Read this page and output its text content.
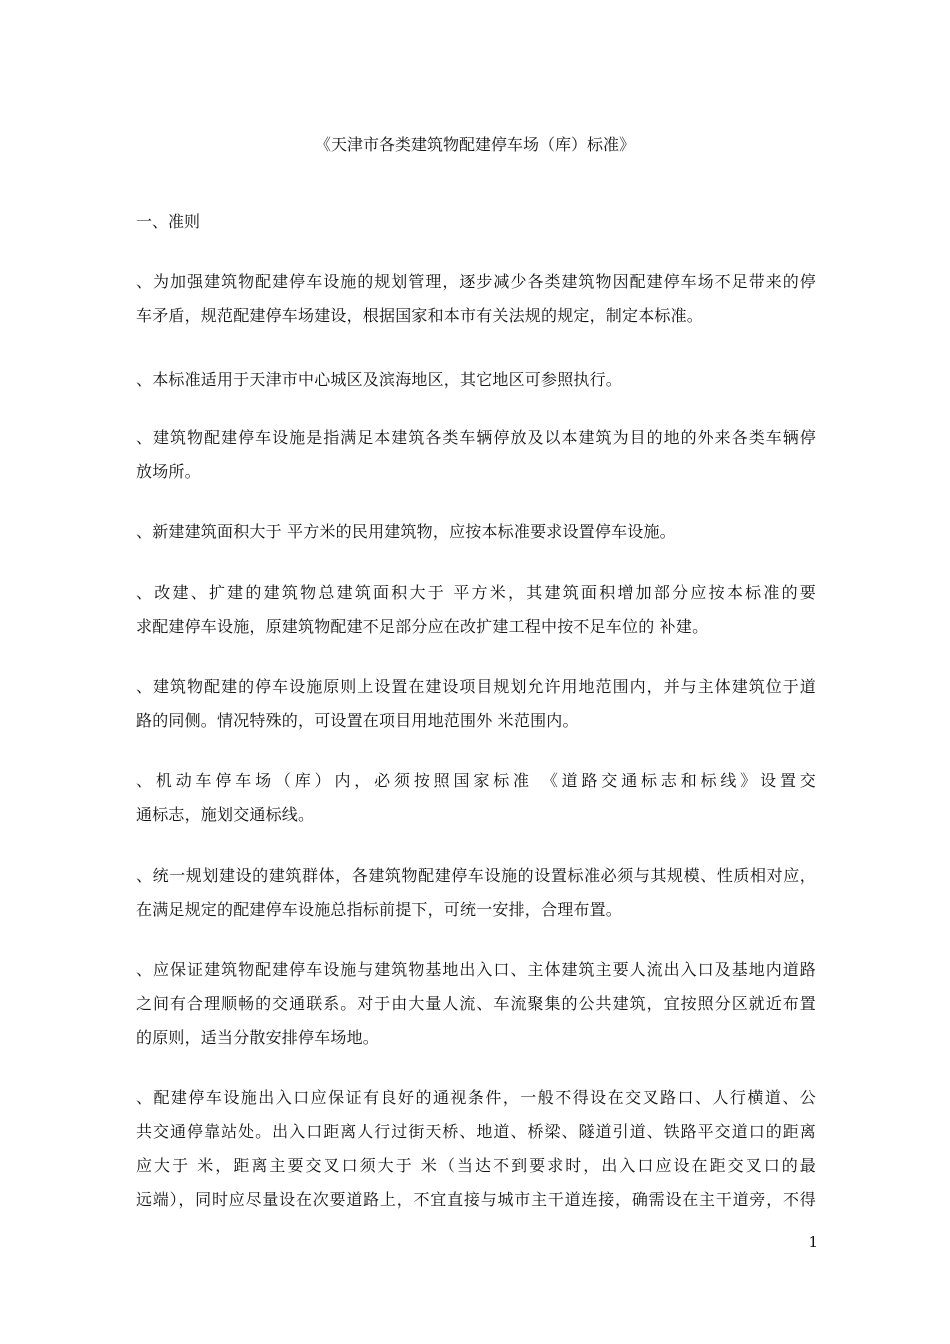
《天津市各类建筑物配建停车场（库）标准》
一、准则
、为加强建筑物配建停车设施的规划管理，逐步减少各类建筑物因配建停车场不足带来的停
车矛盾，规范配建停车场建设，根据国家和本市有关法规的规定，制定本标准。
、本标准适用于天津市中心城区及滨海地区，其它地区可参照执行。
、建筑物配建停车设施是指满足本建筑各类车辆停放及以本建筑为目的地的外来各类车辆停
放场所。
、新建建筑面积大于 平方米的民用建筑物，应按本标准要求设置停车设施。
、改建、扩建的建筑物总建筑面积大于 平方米，其建筑面积增加部分应按本标准的要
求配建停车设施，原建筑物配建不足部分应在改扩建工程中按不足车位的 补建。
、建筑物配建的停车设施原则上设置在建设项目规划允许用地范围内，并与主体建筑位于道
路的同侧。情况特殊的，可设置在项目用地范围外 米范围内。
、机动车停车场（库）内，必须按照国家标准 《道路交通标志和标线》设置交
通标志，施划交通标线。
、统一规划建设的建筑群体，各建筑物配建停车设施的设置标准必须与其规模、性质相对应，
在满足规定的配建停车设施总指标前提下，可统一安排，合理布置。
、应保证建筑物配建停车设施与建筑物基地出入口、主体建筑主要人流出入口及基地内道路
之间有合理顺畅的交通联系。对于由大量人流、车流聚集的公共建筑，宜按照分区就近布置
的原则，适当分散安排停车场地。
、配建停车设施出入口应保证有良好的通视条件，一般不得设在交叉路口、人行横道、公
共交通停靠站处。出入口距离人行过街天桥、地道、桥梁、隧道引道、铁路平交道口的距离
应大于 米，距离主要交叉口须大于 米（当达不到要求时，出入口应设在距交叉口的最
远端），同时应尽量设在次要道路上，不宜直接与城市主干道连接，确需设在主干道旁，不得
1
